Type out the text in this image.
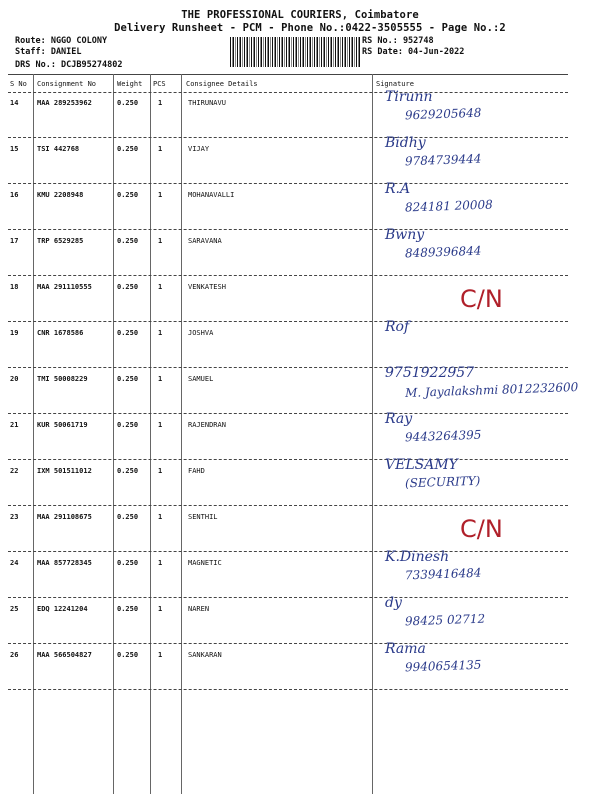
THE PROFESSIONAL COURIERS, Coimbatore
Delivery Runsheet - PCM - Phone No.:0422-3505555 - Page No.:2
Route: NGGO COLONY
Staff: DANIEL
DRS No.: DCJB95274802
RS No.: 952748
RS Date: 04-Jun-2022
S No Consignment No	Weight PCS	Consignee Details	Signature
14	MAA 289253962	0.250	1	THIRUNAVU	Tirunn
9629205648
15	TSI 442768	0.250	1	VIJAY	Bidhy
9784739444
16	KMU 2208948	0.250	1	MOHANAVALLI	R.A
824181 20008
17	TRP 6529285	0.250	1	SARAVANA	Bwny
8489396844
18	MAA 291110555	0.250	1	VENKATESH	C/N
19	CNR 1678586	0.250	1	JOSHVA	Rof
20	TMI 50008229	0.250	1	SAMUEL	9751922957
M. Jayalakshmi 8012232600
21	KUR 50061719	0.250	1	RAJENDRAN	Ray
9443264395
22	IXM 501511012	0.250	1	FAHD	VELSAMY
(SECURITY)
23	MAA 291108675	0.250	1	SENTHIL	C/N
24	MAA 857728345	0.250	1	MAGNETIC	K.Dinesh
7339416484
25	EDQ 12241204	0.250	1	NAREN	dy
98425 02712
26	MAA 566504827	0.250	1	SANKARAN	Rama
9940654135
